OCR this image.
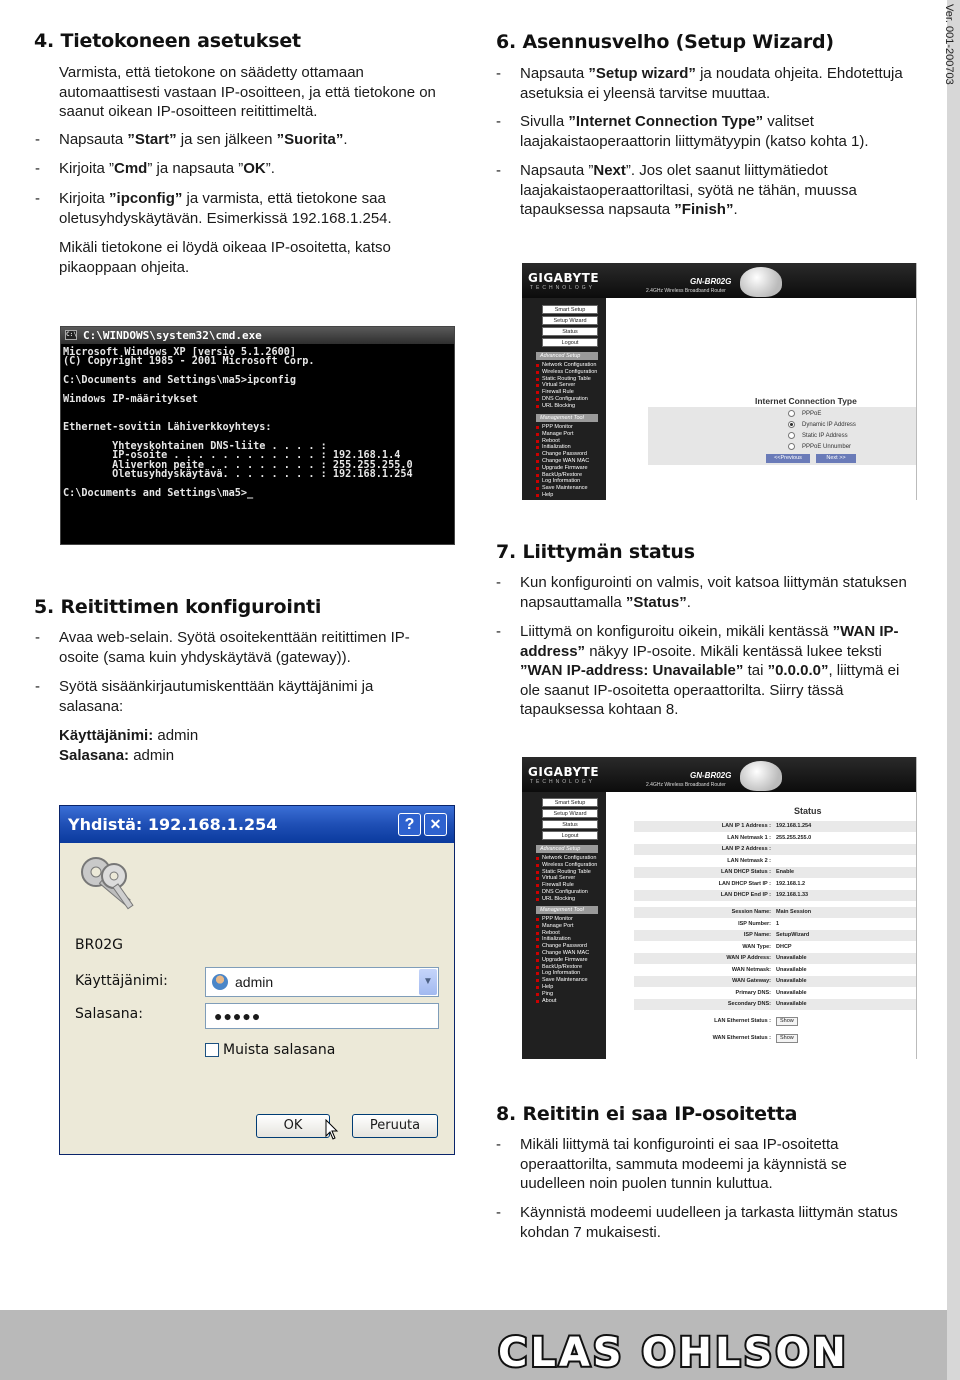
Ver. 001-200703
4. Tietokoneen asetukset
Varmista, että tietokone on säädetty ottamaan automaattisesti vastaan IP-osoitteen, ja että tietokone on saanut oikean IP-osoitteen reitittimeltä.
- Napsauta ”Start” ja sen jälkeen ”Suorita”.
- Kirjoita ”Cmd” ja napsauta ”OK”.
- Kirjoita ”ipconfig” ja varmista, että tietokone saa oletusyhdyskäytävän. Esimerkissä 192.168.1.254.
Mikäli tietokone ei löydä oikeaa IP-osoitetta, katso pikaoppaan ohjeita.
C:\ C:\WINDOWS\system32\cmd.exe
Microsoft Windows XP [versio 5.1.2600]
(C) Copyright 1985 - 2001 Microsoft Corp.

C:\Documents and Settings\ma5>ipconfig

Windows IP-määritykset

Ethernet-sovitin Lähiverkkoyhteys:

Yhteyskohtainen DNS-liite . . . . :
IP-osoite . . . . . . . . . . . . : 192.168.1.4
Aliverkon peite . . . . . . . . . : 255.255.255.0
Oletusyhdyskäytävä. . . . . . . . : 192.168.1.254

C:\Documents and Settings\ma5>_
5. Reitittimen konfigurointi
- Avaa web-selain. Syötä osoitekenttään reitittimen IP-osoite (sama kuin yhdyskäytävä (gateway)).
- Syötä sisäänkirjautumiskenttään käyttäjänimi ja salasana:
Käyttäjänimi: admin
Salasana: admin
Yhdistä: 192.168.1.254	?	✕
BR02G
Käyttäjänimi:	admin	▼
Salasana:	●●●●●
Muista salasana
OK	Peruuta
6. Asennusvelho (Setup Wizard)
- Napsauta ”Setup wizard” ja noudata ohjeita. Ehdotettuja asetuksia ei yleensä tarvitse muuttaa.
- Sivulla ”Internet Connection Type” valitset laajakaistaoperaattorin liittymätyypin (katso kohta 1).
- Napsauta ”Next”. Jos olet saanut liittymätiedot laajakaistaoperaattoriltasi, syötä ne tähän, muussa tapauksessa napsauta ”Finish”.
GIGABYTE
TECHNOLOGY
GN-BR02G
2.4GHz Wireless Broadband Router
Smart Setup
Setup Wizard
Status
Logout
Advanced Setup
Network Configuration
Wireless Configuration
Static Routing Table
Virtual Server
Firewall Rule
DNS Configuration
URL Blocking
Management Tool
PPP Monitor
Manage Port
Reboot
Initialization
Change Password
Change WAN MAC
Upgrade Firmware
BackUp/Restore
Log Information
Save Maintenance
Help
Internet Connection Type
PPPoE
Dynamic IP Address
Static IP Address
PPPoE Unnumber
<<Previous	Next >>
7. Liittymän status
- Kun konfigurointi on valmis, voit katsoa liittymän statuksen napsauttamalla ”Status”.
- Liittymä on konfiguroitu oikein, mikäli kentässä ”WAN IP-address” näkyy IP-osoite. Mikäli kentässä lukee teksti ”WAN IP-address: Unavailable” tai ”0.0.0.0”, liittymä ei ole saanut IP-osoitetta operaattorilta. Siirry tässä tapauksessa kohtaan 8.
GIGABYTE
TECHNOLOGY
GN-BR02G
2.4GHz Wireless Broadband Router
Smart Setup
Setup Wizard
Status
Logout
Advanced Setup
Network Configuration
Wireless Configuration
Static Routing Table
Virtual Server
Firewall Rule
DNS Configuration
URL Blocking
Management Tool
PPP Monitor
Manage Port
Reboot
Initialization
Change Password
Change WAN MAC
Upgrade Firmware
BackUp/Restore
Log Information
Save Maintenance
Help
Ping
About
Status
LAN IP 1 Address : 192.168.1.254
LAN Netmask 1 : 255.255.255.0
LAN IP 2 Address :
LAN Netmask 2 :
LAN DHCP Status : Enable
LAN DHCP Start IP : 192.168.1.2
LAN DHCP End IP : 192.168.1.33
Session Name: Main Session
ISP Number: 1
ISP Name: SetupWizard
WAN Type: DHCP
WAN IP Address: Unavailable
WAN Netmask: Unavailable
WAN Gateway: Unavailable
Primary DNS: Unavailable
Secondary DNS: Unavailable
LAN Ethernet Status :	Show
WAN Ethernet Status :	Show
8. Reititin ei saa IP-osoitetta
- Mikäli liittymä tai konfigurointi ei saa IP-osoitetta operaattorilta, sammuta modeemi ja käynnistä se uudelleen noin puolen tunnin kuluttua.
- Käynnistä modeemi uudelleen ja tarkasta liittymän status kohdan 7 mukaisesti.
CLAS OHLSON
